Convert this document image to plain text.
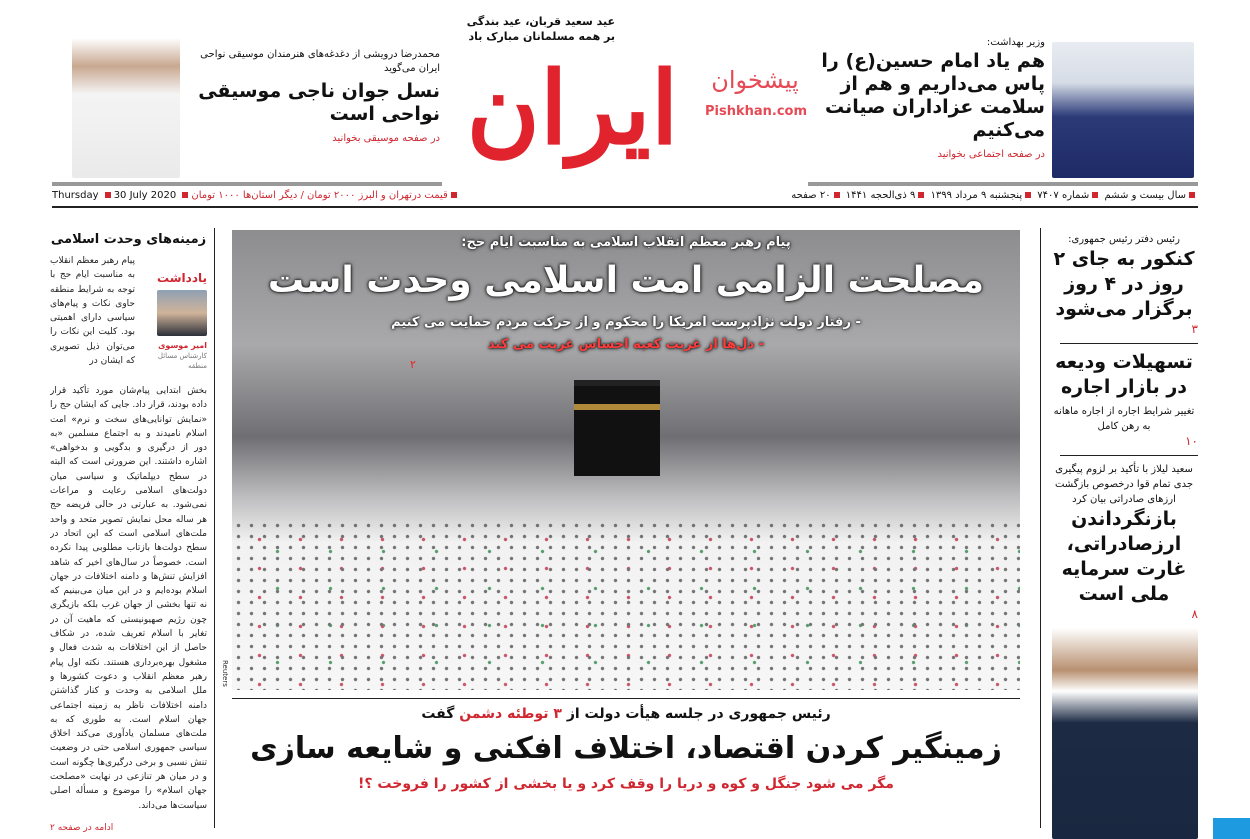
عید سعید قربان، عید بندگی
بر همه مسلمانان مبارک باد
ایران	پیشخوان
Pishkhan.com
وزیر بهداشت:
هم یاد امام حسین(ع) را پاس می‌داریم و هم از سلامت عزاداران صیانت می‌کنیم
در صفحه اجتماعی بخوانید
محمدرضا درویشی از دغدغه‌های هنرمندان موسیقی نواحی ایران می‌گوید
نسل جوان ناجی موسیقی نواحی است
در صفحه موسیقی بخوانید
سال بیست و ششم شماره ۷۴۰۷ پنجشنبه ۹ مرداد ۱۳۹۹ ۹ ذی‌الحجه ۱۴۴۱ ۲۰ صفحه
Thursday 30 July 2020 قیمت درتهران و البرز ۲۰۰۰ تومان / دیگر استان‌ها ۱۰۰۰ تومان
پیام رهبر معظم انقلاب اسلامی به مناسبت ایام حج:
مصلحت الزامی امت اسلامی وحدت است
- رفتار دولت نژادپرست امریکا را محکوم و از حرکت مردم حمایت می کنیم
- دل‌ها از غربت کعبه احساس غربت می کند
۲
Reuters
رئیس جمهوری در جلسه هیأت دولت از ۳ توطئه دشمن گفت
زمینگیر کردن اقتصاد، اختلاف افکنی و شایعه سازی
مگر می شود جنگل و کوه و دریا را وقف کرد و یا بخشی از کشور را فروخت ؟!
رئیس دفتر رئیس جمهوری:
کنکور به جای ۲ روز در ۴ روز برگزار می‌شود
۳
تسهیلات ودیعه در بازار اجاره
تغییر شرایط اجاره از اجاره ماهانه به رهن کامل
۱۰
سعید لیلاز با تأکید بر لزوم پیگیری جدی تمام قوا درخصوص بازگشت ارزهای صادراتی بیان کرد
بازنگرداندن ارزصادراتی، غارت سرمایه ملی است
۸
زمینه‌های وحدت اسلامی
یادداشت
امیر موسوی
کارشناس مسائل منطقه
پیام رهبر معظم انقلاب به مناسبت ایام حج با توجه به شرایط منطقه حاوی نکات و پیام‌های سیاسی دارای اهمیتی بود. کلیت این نکات را می‌توان ذیل تصویری که ایشان در
بخش ابتدایی پیام‌شان مورد تأکید قرار داده بودند، قرار داد. جایی که ایشان حج را «نمایش توانایی‌های سخت و نرم» امت اسلام نامیدند و به اجتماع مسلمین «به دور از درگیری و بدگویی و بدخواهی» اشاره داشتند. این ضرورتی است که البته در سطح دیپلماتیک و سیاسی میان دولت‌های اسلامی رعایت و مراعات نمی‌شود. به عبارتی در حالی فریضه حج هر ساله محل نمایش تصویر متحد و واحد ملت‌های اسلامی است که این اتحاد در سطح دولت‌ها بازتاب مطلوبی پیدا نکرده است. خصوصاً در سال‌های اخیر که شاهد افزایش تنش‌ها و دامنه اختلافات در جهان اسلام بوده‌ایم و در این میان می‌بینیم که نه تنها بخشی از جهان غرب بلکه بازیگری چون رژیم صهیونیستی که ماهیت آن در تغایر با اسلام تعریف شده، در شکاف حاصل از این اختلافات به شدت فعال و مشغول بهره‌برداری هستند. نکته اول پیام رهبر معظم انقلاب و دعوت کشورها و ملل اسلامی به وحدت و کنار گذاشتن دامنه اختلافات ناظر به زمینه اجتماعی جهان اسلام است. به طوری که به ملت‌های مسلمان یادآوری می‌کند اخلاق سیاسی جمهوری اسلامی حتی در وضعیت تنش نسبی و برخی درگیری‌ها چگونه است و در میان هر تنازعی در نهایت «مصلحت جهان اسلام» را موضوع و مسأله اصلی سیاست‌ها می‌داند.
ادامه در صفحه ۲
